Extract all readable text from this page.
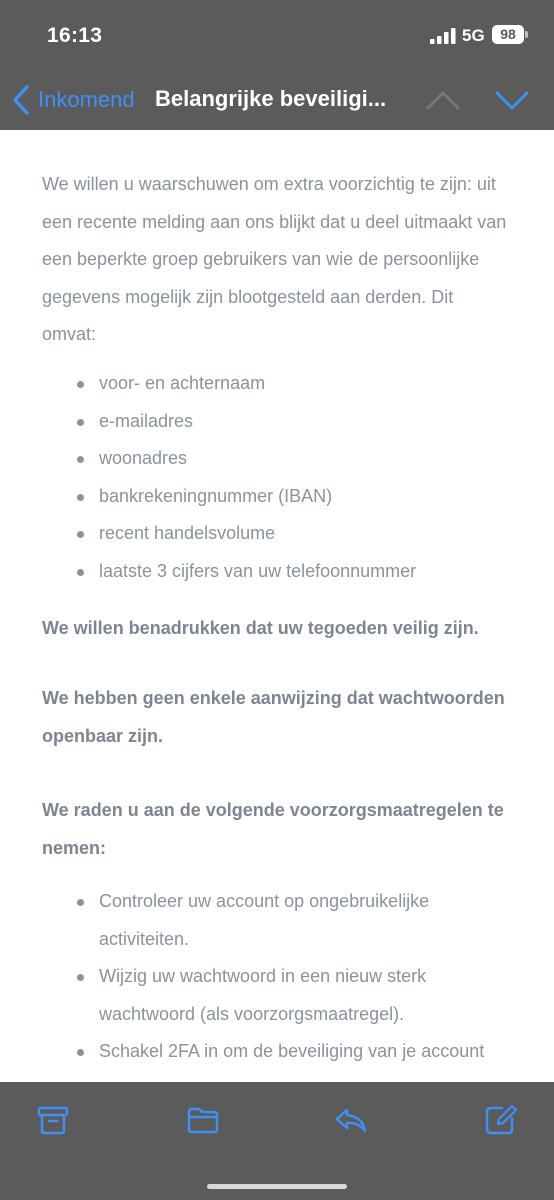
16:13	5G	98
Inkomend Belangrijke beveiligi...

We willen u waarschuwen om extra voorzichtig te zijn: uit een recente melding aan ons blijkt dat u deel uitmaakt van een beperkte groep gebruikers van wie de persoonlijke gegevens mogelijk zijn blootgesteld aan derden. Dit omvat:

voor- en achternaam
e-mailadres
woonadres
bankrekeningnummer (IBAN)
recent handelsvolume
laatste 3 cijfers van uw telefoonnummer

We willen benadrukken dat uw tegoeden veilig zijn.

We hebben geen enkele aanwijzing dat wachtwoorden openbaar zijn.

We raden u aan de volgende voorzorgsmaatregelen te nemen:

Controleer uw account op ongebruikelijke activiteiten.
Wijzig uw wachtwoord in een nieuw sterk wachtwoord (als voorzorgsmaatregel).
Schakel 2FA in om de beveiliging van je account
